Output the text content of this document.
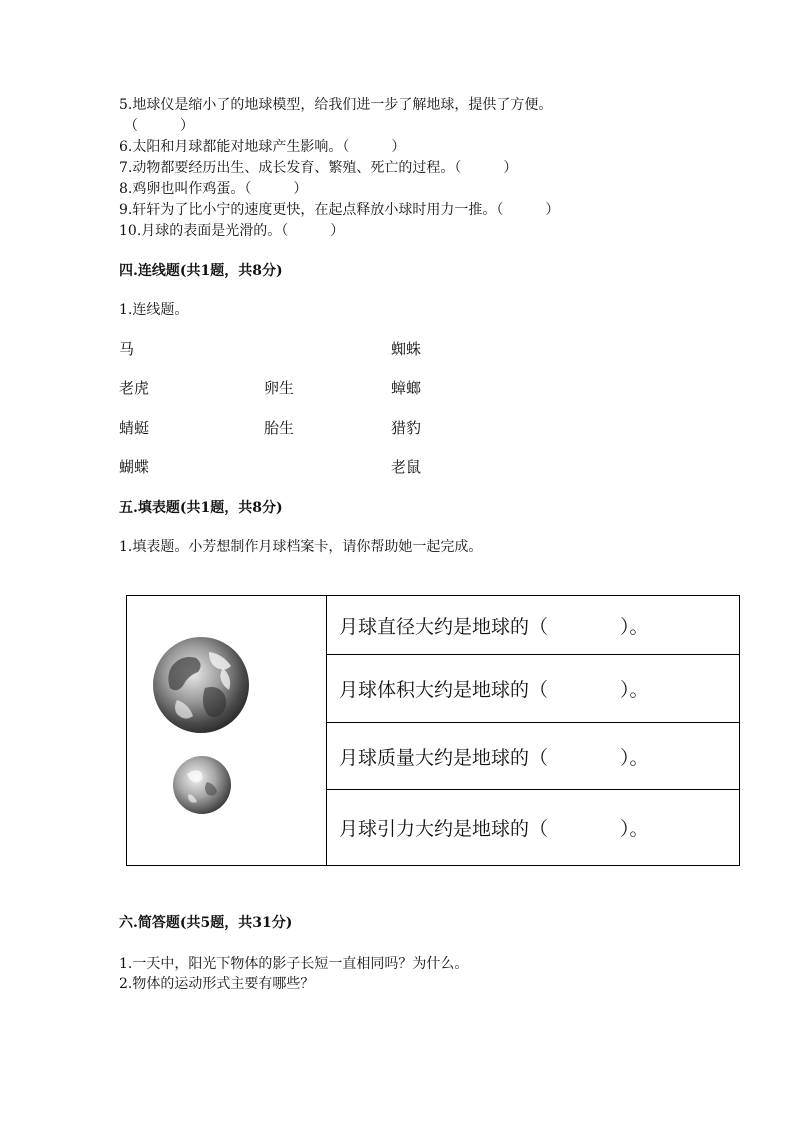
5.地球仪是缩小了的地球模型，给我们进一步了解地球，提供了方便。
（　　　）
6.太阳和月球都能对地球产生影响。（　　　）
7.动物都要经历出生、成长发育、繁殖、死亡的过程。（　　　）
8.鸡卵也叫作鸡蛋。（　　　）
9.轩轩为了比小宁的速度更快，在起点释放小球时用力一推。（　　　）
10.月球的表面是光滑的。（　　　）
四.连线题(共1题，共8分)
1.连线题。
马
老虎
蜻蜓
蝴蝶
卵生
胎生
蜘蛛
蟑螂
猎豹
老鼠
五.填表题(共1题，共8分)
1.填表题。小芳想制作月球档案卡，请你帮助她一起完成。
月球直径大约是地球的（	）。
月球体积大约是地球的（	）。
月球质量大约是地球的（	）。
月球引力大约是地球的（	）。
六.简答题(共5题，共31分)
1.一天中，阳光下物体的影子长短一直相同吗？为什么。
2.物体的运动形式主要有哪些？
